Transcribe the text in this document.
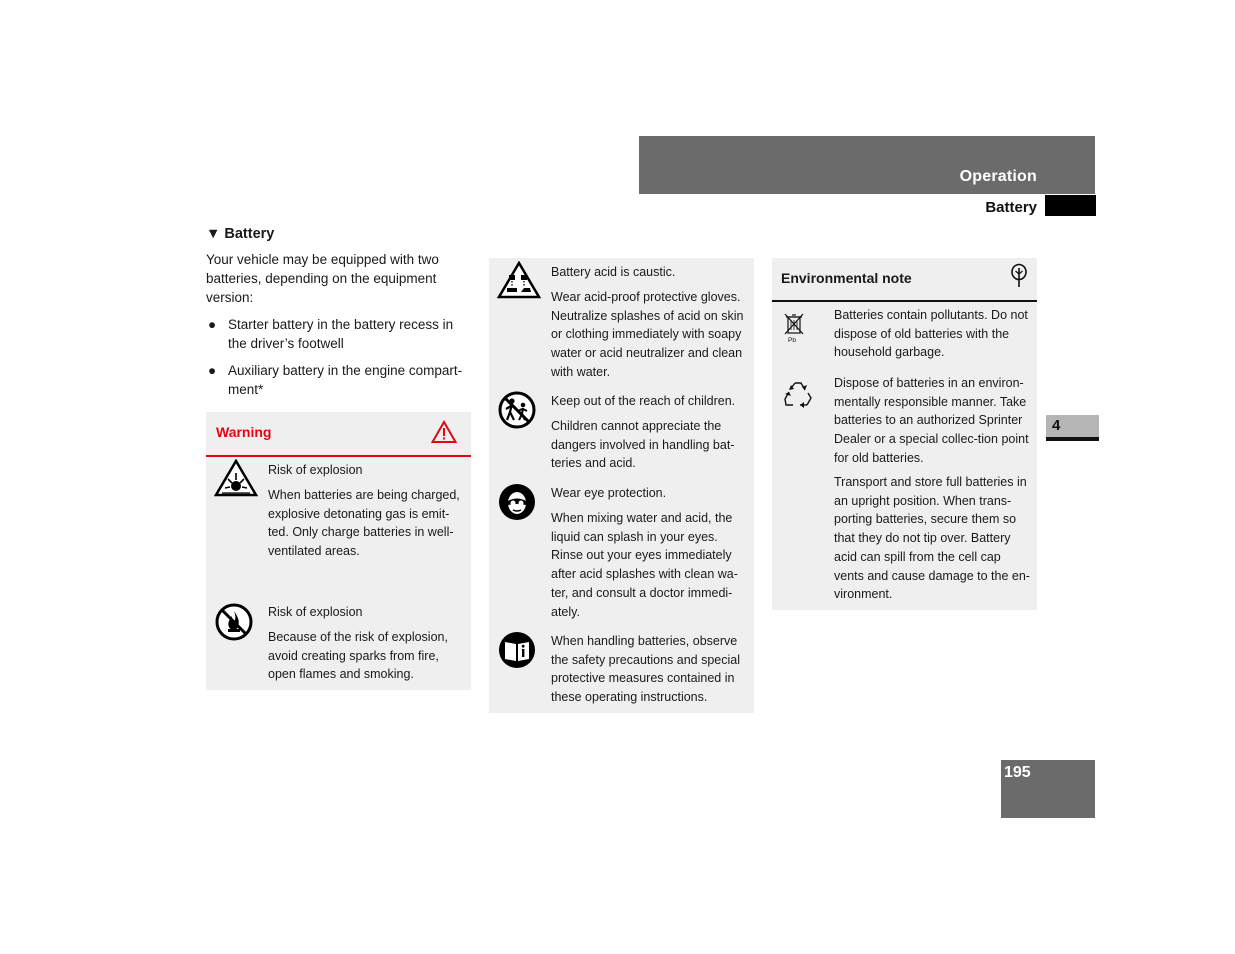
Operation
Battery
4
195
▼ Battery
Your vehicle may be equipped with two batteries, depending on the equipment version:
● Starter battery in the battery recess in the driver’s footwell
● Auxiliary battery in the engine compart-ment*
Warning
Risk of explosion
When batteries are being charged, explosive detonating gas is emit-ted. Only charge batteries in well-ventilated areas.
Risk of explosion
Because of the risk of explosion, avoid creating sparks from fire, open flames and smoking.
Battery acid is caustic.
Wear acid-proof protective gloves. Neutralize splashes of acid on skin or clothing immediately with soapy water or acid neutralizer and clean with water.
Keep out of the reach of children.
Children cannot appreciate the dangers involved in handling bat-teries and acid.
Wear eye protection.
When mixing water and acid, the liquid can splash in your eyes. Rinse out your eyes immediately after acid splashes with clean wa-ter, and consult a doctor immedi-ately.
When handling batteries, observe the safety precautions and special protective measures contained in these operating instructions.
Environmental note
Pb
Batteries contain pollutants. Do not dispose of old batteries with the household garbage.
Dispose of batteries in an environ-mentally responsible manner. Take batteries to an authorized Sprinter Dealer or a special collec-tion point for old batteries.
Transport and store full batteries in an upright position. When trans-porting batteries, secure them so that they do not tip over. Battery acid can spill from the cell cap vents and cause damage to the en-vironment.
